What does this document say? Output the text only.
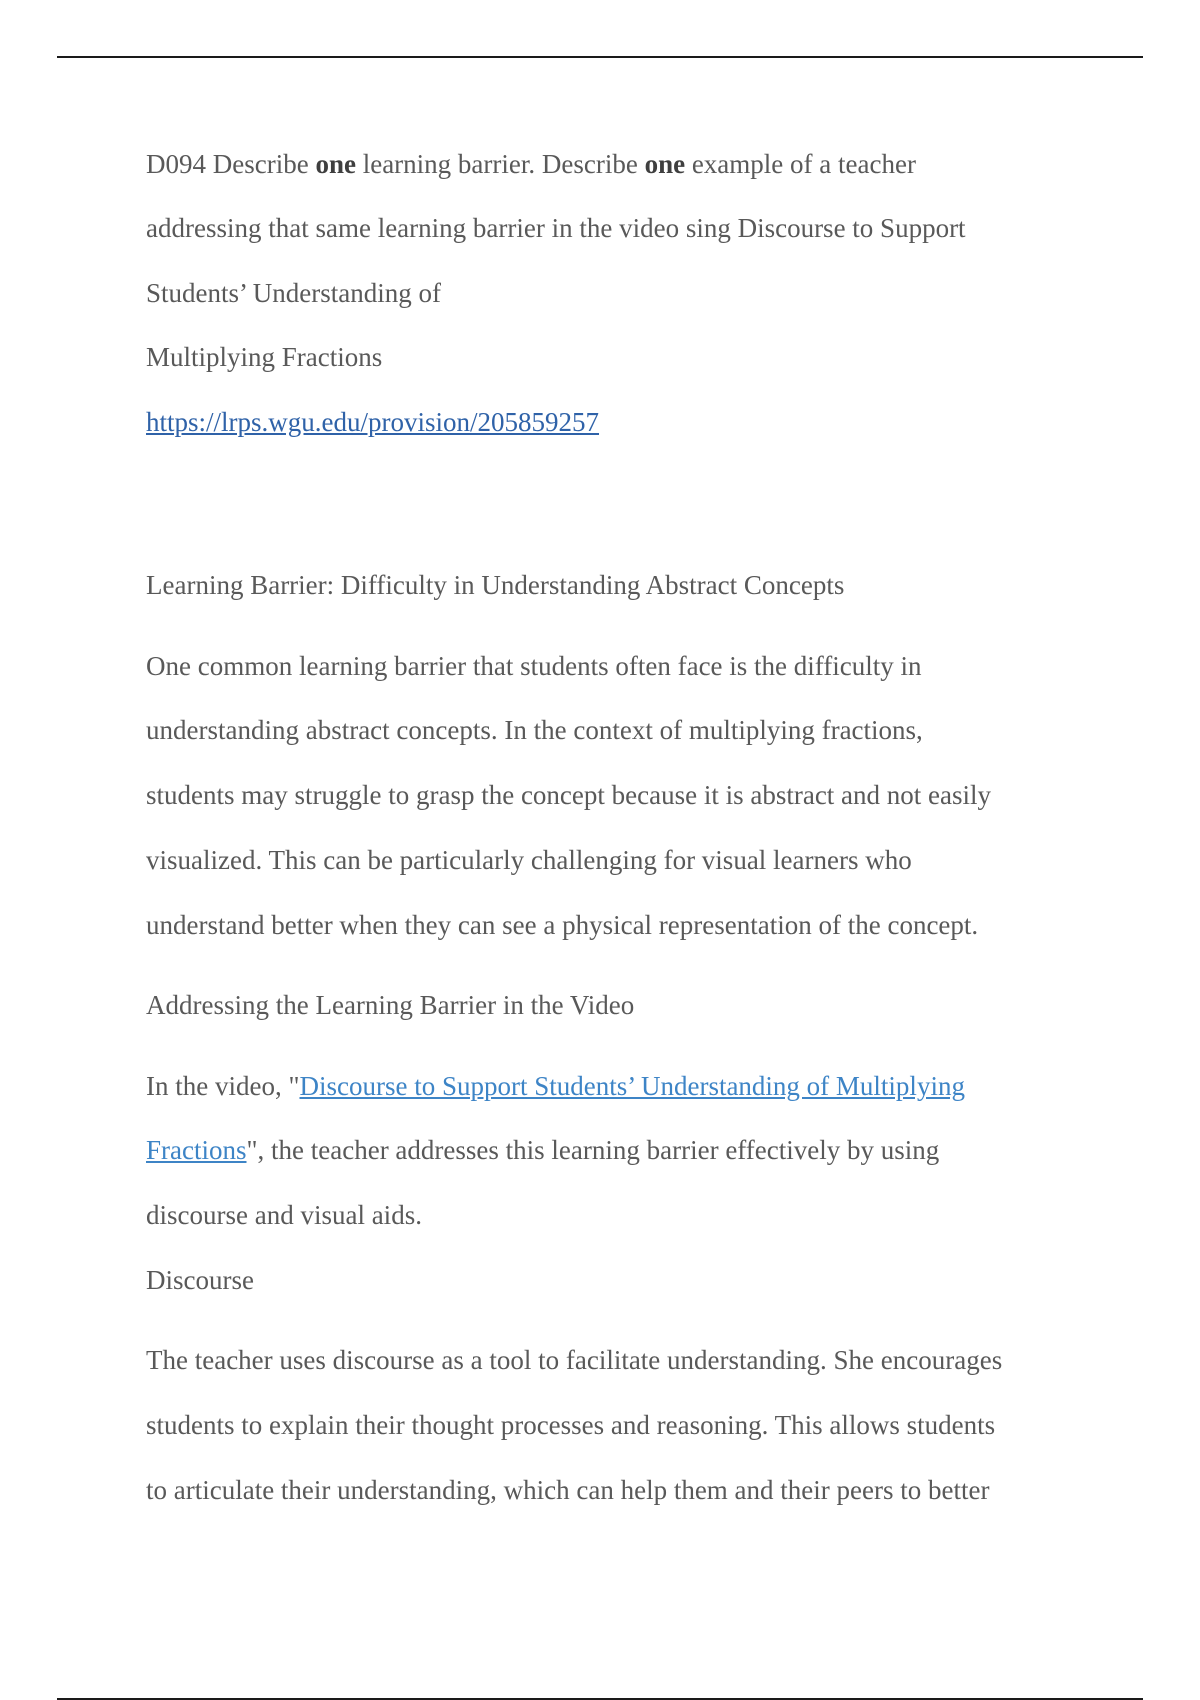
D094 Describe one learning barrier. Describe one example of a teacher
addressing that same learning barrier in the video sing Discourse to Support
Students’ Understanding of
Multiplying Fractions
https://lrps.wgu.edu/provision/205859257
Learning Barrier: Difficulty in Understanding Abstract Concepts
One common learning barrier that students often face is the difficulty in
understanding abstract concepts. In the context of multiplying fractions,
students may struggle to grasp the concept because it is abstract and not easily
visualized. This can be particularly challenging for visual learners who
understand better when they can see a physical representation of the concept.
Addressing the Learning Barrier in the Video
In the video, "Discourse to Support Students’ Understanding of Multiplying
Fractions", the teacher addresses this learning barrier effectively by using
discourse and visual aids.
Discourse
The teacher uses discourse as a tool to facilitate understanding. She encourages
students to explain their thought processes and reasoning. This allows students
to articulate their understanding, which can help them and their peers to better
